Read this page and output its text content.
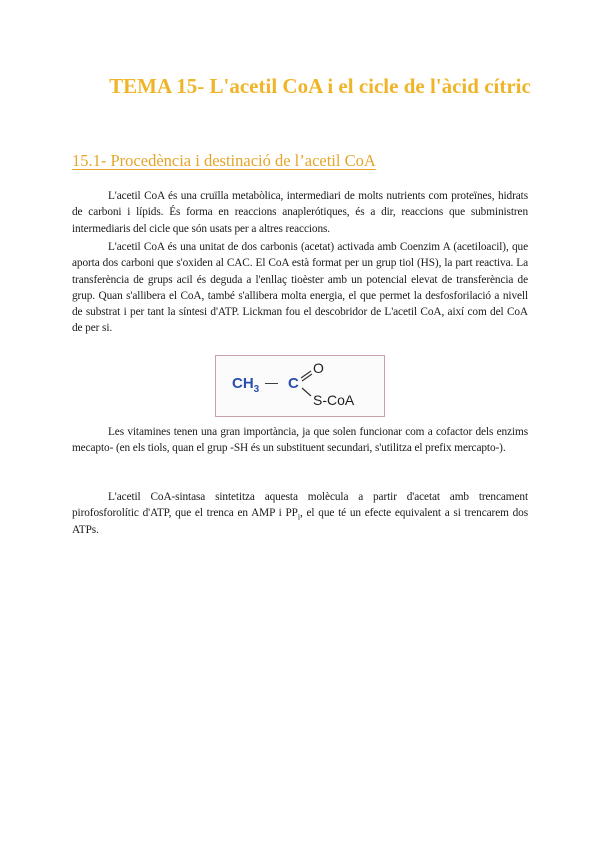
TEMA 15- L'acetil CoA i el cicle de l'àcid cítric
15.1- Procedència i destinació de l’acetil CoA

L'acetil CoA és una cruïlla metabòlica, intermediari de molts nutrients com proteïnes, hidrats de carboni i lípids. És forma en reaccions anaplerótiques, és a dir, reaccions que subministren intermediaris del cicle que són usats per a altres reaccions.

L'acetil CoA és una unitat de dos carbonis (acetat) activada amb Coenzim A (acetiloacil), que aporta dos carboni que s'oxiden al CAC. El CoA està format per un grup tiol (HS), la part reactiva. La transferència de grups acil és deguda a l'enllaç tioèster amb un potencial elevat de transferència de grup. Quan s'allibera el CoA, també s'allibera molta energia, el que permet la desfosforilació a nivell de substrat i per tant la síntesi d'ATP. Lickman fou el descobridor de L'acetil CoA, així com del CoA de per si.

$CH_3$ — C
O
S-CoA

Les vitamines tenen una gran importància, ja que solen funcionar com a cofactor dels enzims mecapto- (en els tiols, quan el grup -SH és un substituent secundari, s'utilitza el prefix mercapto-).

L'acetil CoA-sintasa sintetitza aquesta molècula a partir d'acetat amb trencament pirofosforolític d'ATP, que el trenca en AMP i $PP_i$, el que té un efecte equivalent a si trencarem dos ATPs.
